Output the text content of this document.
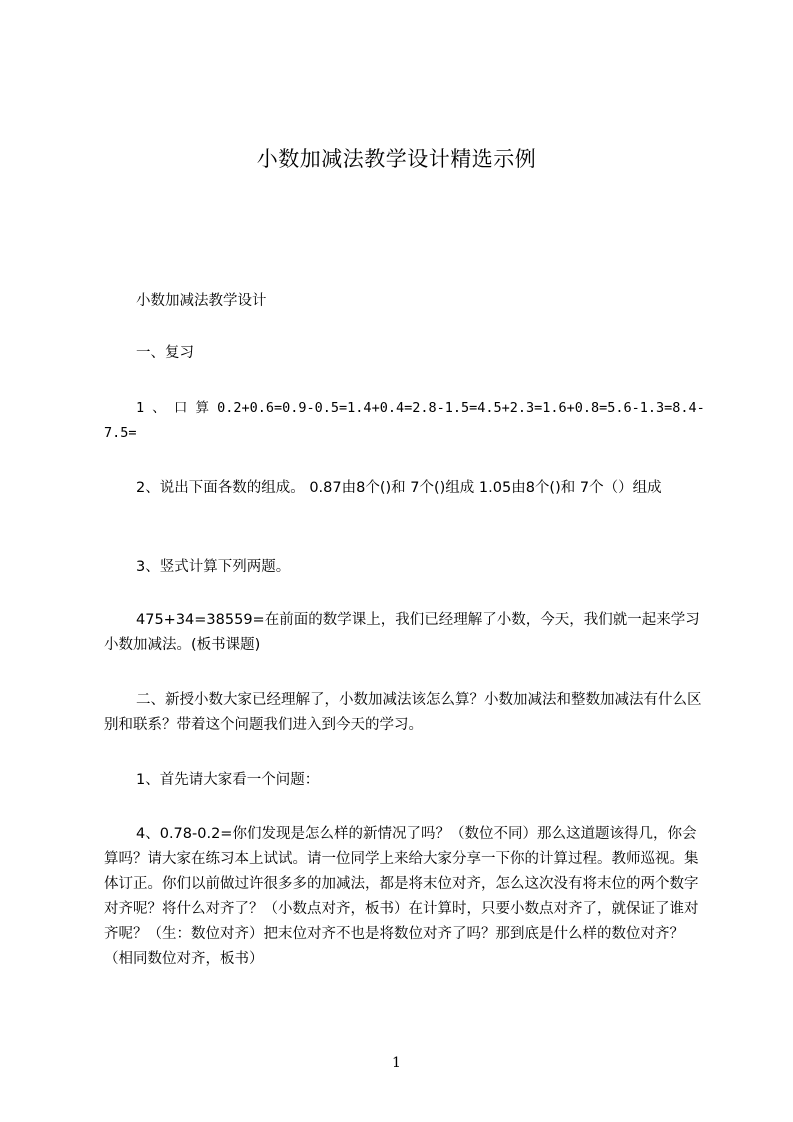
小数加减法教学设计精选示例
小数加减法教学设计
一、复习
1 、 口 算 0.2+0.6=0.9-0.5=1.4+0.4=2.8-1.5=4.5+2.3=1.6+0.8=5.6-1.3=8.4-7.5=
2、说出下面各数的组成。 0.87由8个()和 7个()组成 1.05由8个()和 7个（）组成
3、竖式计算下列两题。
475+34=38559=在前面的数学课上，我们已经理解了小数，今天，我们就一起来学习小数加减法。(板书课题)
二、新授小数大家已经理解了，小数加减法该怎么算？小数加减法和整数加减法有什么区别和联系？带着这个问题我们进入到今天的学习。
1、首先请大家看一个问题：
4、0.78-0.2=你们发现是怎么样的新情况了吗？（数位不同）那么这道题该得几，你会算吗？请大家在练习本上试试。请一位同学上来给大家分享一下你的计算过程。教师巡视。集体订正。你们以前做过许很多多的加减法，都是将末位对齐，怎么这次没有将末位的两个数字对齐呢？将什么对齐了？（小数点对齐，板书）在计算时，只要小数点对齐了，就保证了谁对齐呢？（生：数位对齐）把末位对齐不也是将数位对齐了吗？那到底是什么样的数位对齐？（相同数位对齐，板书）
1
